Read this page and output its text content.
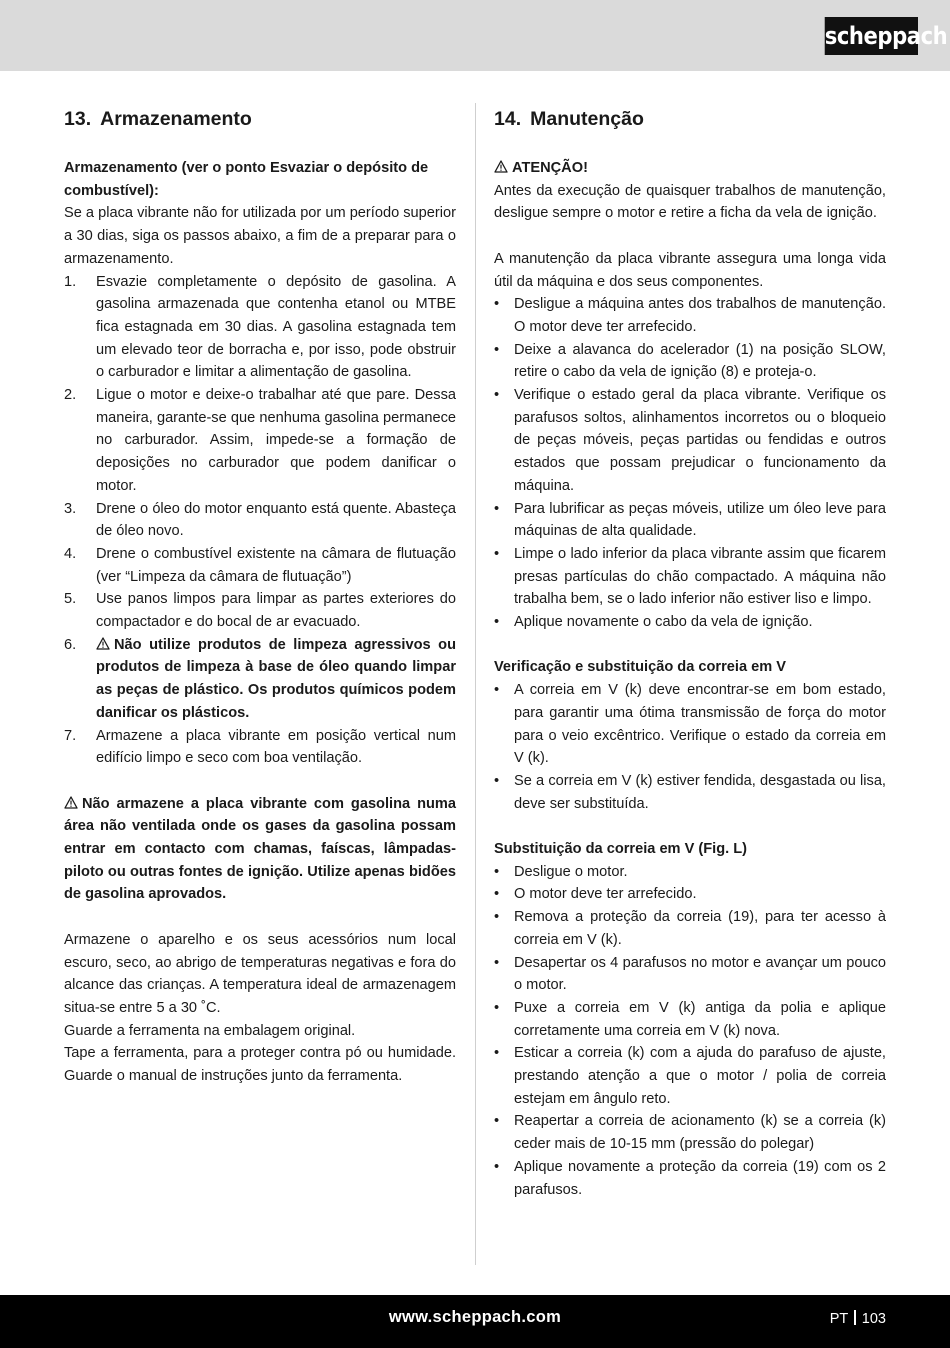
scheppach
13. Armazenamento

Armazenamento (ver o ponto Esvaziar o depósito de combustível):

Se a placa vibrante não for utilizada por um período superior a 30 dias, siga os passos abaixo, a fim de a preparar para o armazenamento.

1. Esvazie completamente o depósito de gasolina. A gasolina armazenada que contenha etanol ou MTBE fica estagnada em 30 dias. A gasolina estagnada tem um elevado teor de borracha e, por isso, pode obstruir o carburador e limitar a alimentação de gasolina.
2. Ligue o motor e deixe-o trabalhar até que pare. Dessa maneira, garante-se que nenhuma gasolina permanece no carburador. Assim, impede-se a formação de deposições no carburador que podem danificar o motor.
3. Drene o óleo do motor enquanto está quente. Abasteça de óleo novo.
4. Drene o combustível existente na câmara de flutuação (ver “Limpeza da câmara de flutuação”)
5. Use panos limpos para limpar as partes exteriores do compactador e do bocal de ar evacuado.
6.	Não utilize produtos de limpeza agressivos ou produtos de limpeza à base de óleo quando limpar as peças de plástico. Os produtos químicos podem danificar os plásticos.
7. Armazene a placa vibrante em posição vertical num edifício limpo e seco com boa ventilação.

Não armazene a placa vibrante com gasolina numa área não ventilada onde os gases da gasolina possam entrar em contacto com chamas, faíscas, lâmpadas-piloto ou outras fontes de ignição. Utilize apenas bidões de gasolina aprovados.

Armazene o aparelho e os seus acessórios num local escuro, seco, ao abrigo de temperaturas negativas e fora do alcance das crianças. A temperatura ideal de armazenagem situa-se entre 5 a 30 ˚C.

Guarde a ferramenta na embalagem original.

Tape a ferramenta, para a proteger contra pó ou humidade. Guarde o manual de instruções junto da ferramenta.

14. Manutenção

ATENÇÃO!

Antes da execução de quaisquer trabalhos de manutenção, desligue sempre o motor e retire a ficha da vela de ignição.

A manutenção da placa vibrante assegura uma longa vida útil da máquina e dos seus componentes.

• Desligue a máquina antes dos trabalhos de manutenção. O motor deve ter arrefecido.
• Deixe a alavanca do acelerador (1) na posição SLOW, retire o cabo da vela de ignição (8) e proteja-o.
• Verifique o estado geral da placa vibrante. Verifique os parafusos soltos, alinhamentos incorretos ou o bloqueio de peças móveis, peças partidas ou fendidas e outros estados que possam prejudicar o funcionamento da máquina.
• Para lubrificar as peças móveis, utilize um óleo leve para máquinas de alta qualidade.
• Limpe o lado inferior da placa vibrante assim que ficarem presas partículas do chão compactado. A máquina não trabalha bem, se o lado inferior não estiver liso e limpo.
• Aplique novamente o cabo da vela de ignição.

Verificação e substituição da correia em V

• A correia em V (k) deve encontrar-se em bom estado, para garantir uma ótima transmissão de força do motor para o veio excêntrico. Verifique o estado da correia em V (k).
• Se a correia em V (k) estiver fendida, desgastada ou lisa, deve ser substituída.

Substituição da correia em V (Fig. L)

• Desligue o motor.
• O motor deve ter arrefecido.
• Remova a proteção da correia (19), para ter acesso à correia em V (k).
• Desapertar os 4 parafusos no motor e avançar um pouco o motor.
• Puxe a correia em V (k) antiga da polia e aplique corretamente uma correia em V (k) nova.
• Esticar a correia (k) com a ajuda do parafuso de ajuste, prestando atenção a que o motor / polia de correia estejam em ângulo reto.
• Reapertar a correia de acionamento (k) se a correia (k) ceder mais de 10-15 mm (pressão do polegar)
• Aplique novamente a proteção da correia (19) com os 2 parafusos.
www.scheppach.com	PT 103
